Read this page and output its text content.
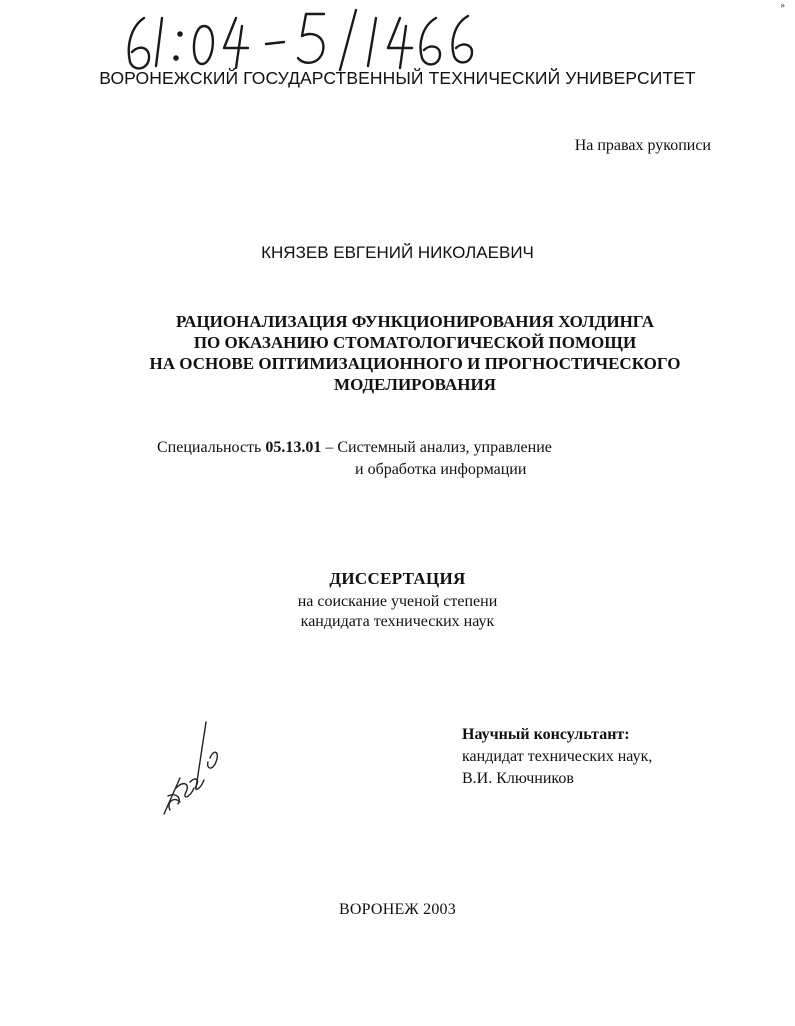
»
ВОРОНЕЖСКИЙ ГОСУДАРСТВЕННЫЙ ТЕХНИЧЕСКИЙ УНИВЕРСИТЕТ
На правах рукописи
КНЯЗЕВ ЕВГЕНИЙ НИКОЛАЕВИЧ
РАЦИОНАЛИЗАЦИЯ ФУНКЦИОНИРОВАНИЯ ХОЛДИНГА
ПО ОКАЗАНИЮ СТОМАТОЛОГИЧЕСКОЙ ПОМОЩИ
НА ОСНОВЕ ОПТИМИЗАЦИОННОГО И ПРОГНОСТИЧЕСКОГО
МОДЕЛИРОВАНИЯ
Специальность 05.13.01 – Системный анализ, управление
и обработка информации
ДИССЕРТАЦИЯ
на соискание ученой степени
кандидата технических наук
Научный консультант:
кандидат технических наук,
В.И. Ключников
ВОРОНЕЖ 2003
